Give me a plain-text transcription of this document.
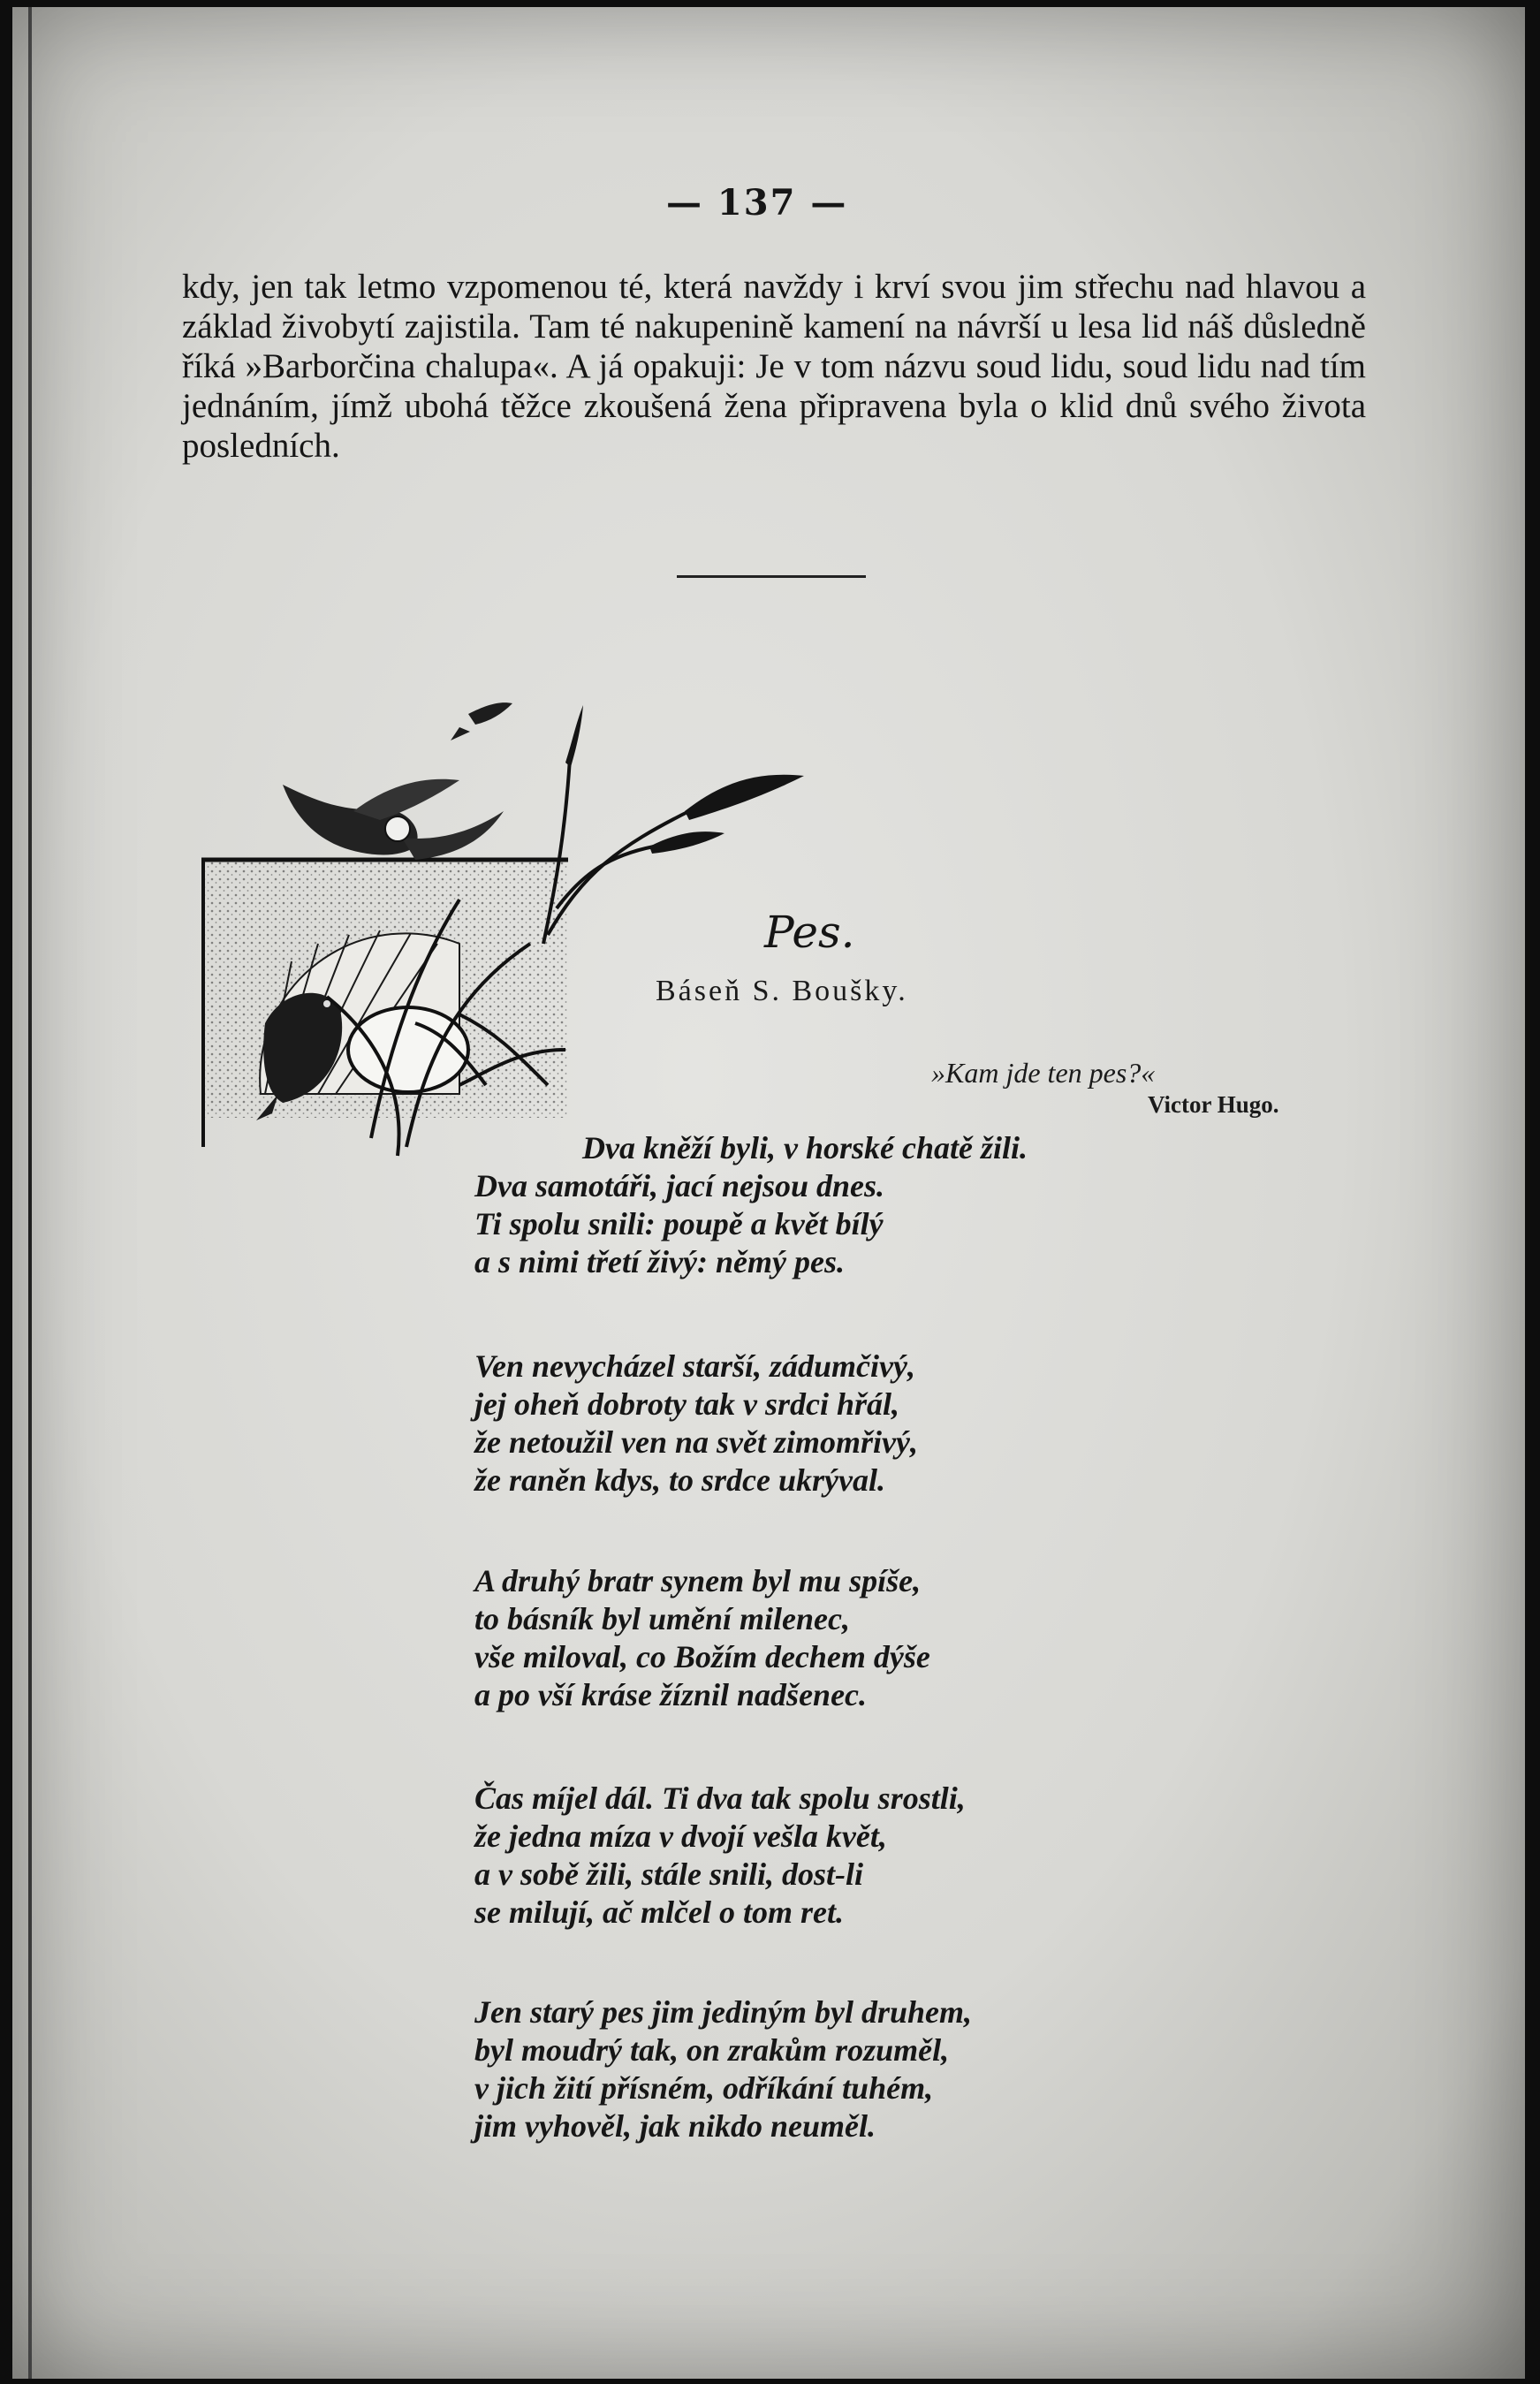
— 137 —
kdy, jen tak letmo vzpomenou té, která navždy i krví svou jim střechu nad hlavou a základ živobytí zajistila. Tam té nakupenině kamení na návrší u lesa lid náš důsledně říká »Barborčina chalupa«. A já opakuji: Je v tom názvu soud lidu, soud lidu nad tím jednáním, jímž ubohá těžce zkoušená žena připravena byla o klid dnů svého života posledních.
Pes.
Báseň S. Boušky.
»Kam jde ten pes?«
Victor Hugo.
Dva kněží byli, v horské chatě žili.
Dva samotáři, jací nejsou dnes.
Ti spolu snili: poupě a květ bílý
a s nimi třetí živý: němý pes.
Ven nevycházel starší, zádumčivý,
jej oheň dobroty tak v srdci hřál,
že netoužil ven na svět zimomřivý,
že raněn kdys, to srdce ukrýval.
A druhý bratr synem byl mu spíše,
to básník byl umění milenec,
vše miloval, co Božím dechem dýše
a po vší kráse žíznil nadšenec.
Čas míjel dál. Ti dva tak spolu srostli,
že jedna míza v dvojí vešla květ,
a v sobě žili, stále snili, dost-li
se milují, ač mlčel o tom ret.
Jen starý pes jim jediným byl druhem,
byl moudrý tak, on zrakům rozuměl,
v jich žití přísném, odříkání tuhém,
jim vyhověl, jak nikdo neuměl.
